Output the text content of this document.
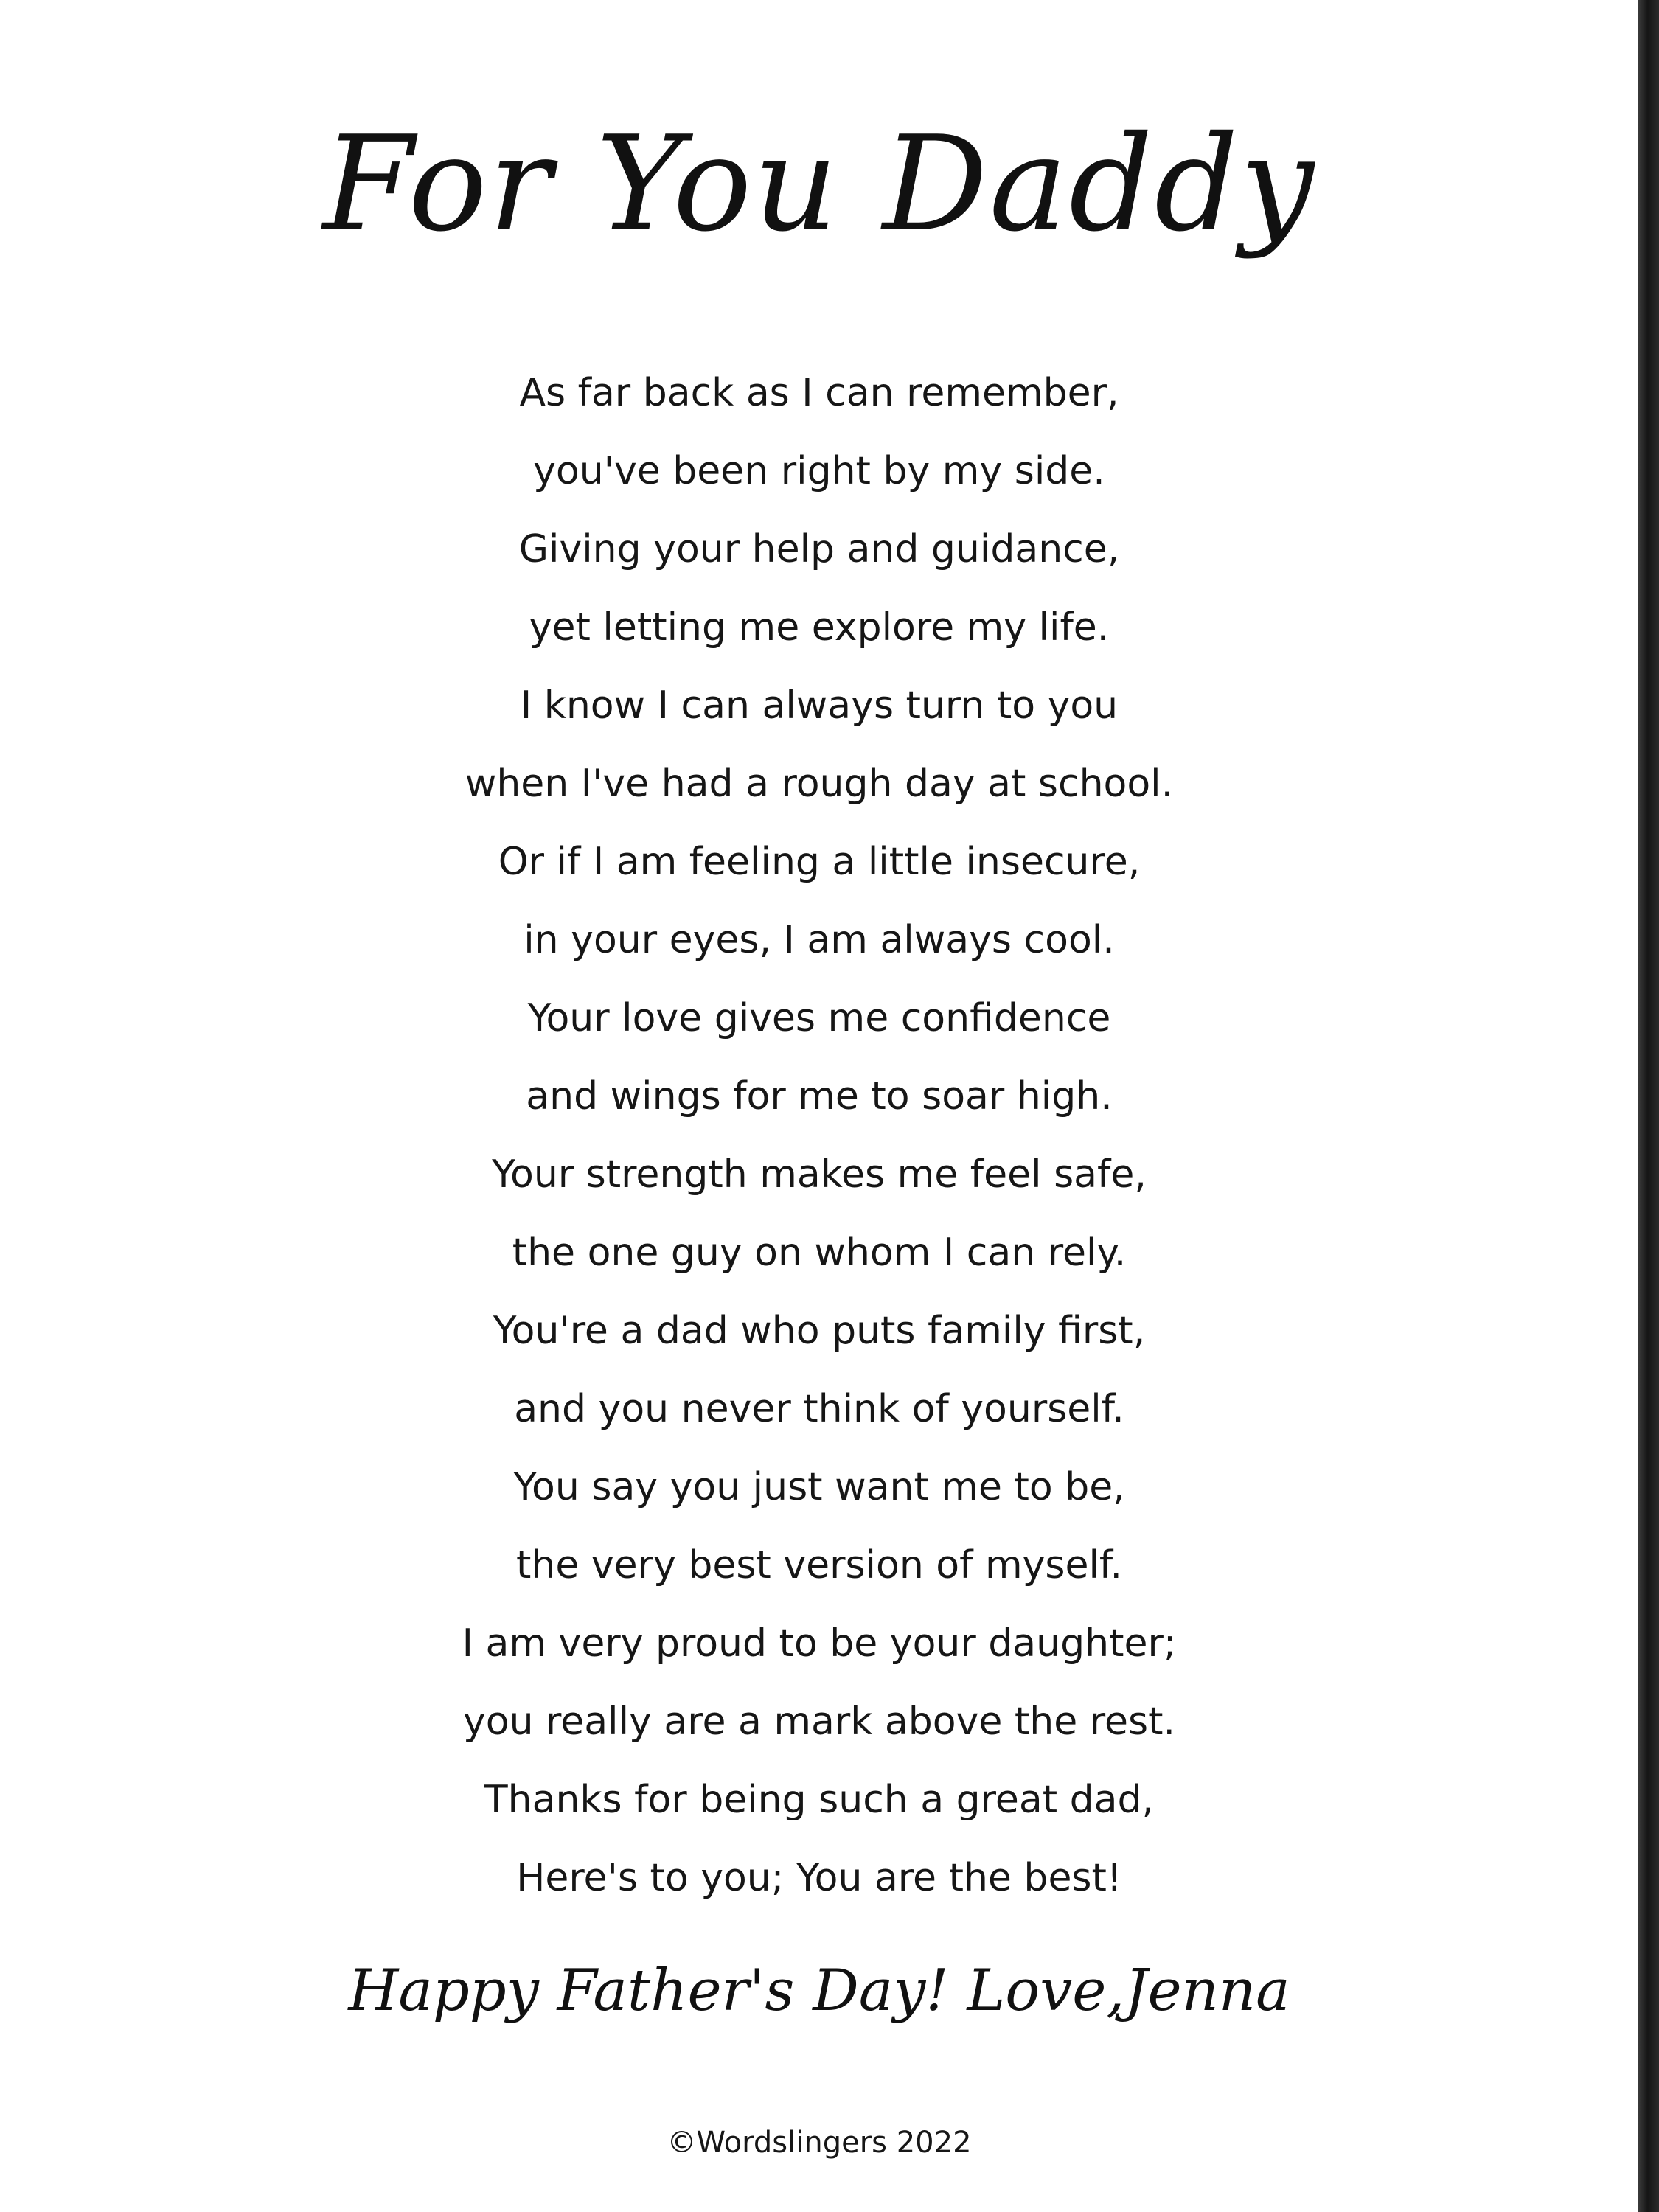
For You Daddy
As far back as I can remember,
you've been right by my side.
Giving your help and guidance,
yet letting me explore my life.
I know I can always turn to you
when I've had a rough day at school.
Or if I am feeling a little insecure,
in your eyes, I am always cool.
Your love gives me confidence
and wings for me to soar high.
Your strength makes me feel safe,
the one guy on whom I can rely.
You're a dad who puts family first,
and you never think of yourself.
You say you just want me to be,
the very best version of myself.
I am very proud to be your daughter;
you really are a mark above the rest.
Thanks for being such a great dad,
Here's to you; You are the best!
Happy Father's Day! Love,Jenna
©Wordslingers 2022
